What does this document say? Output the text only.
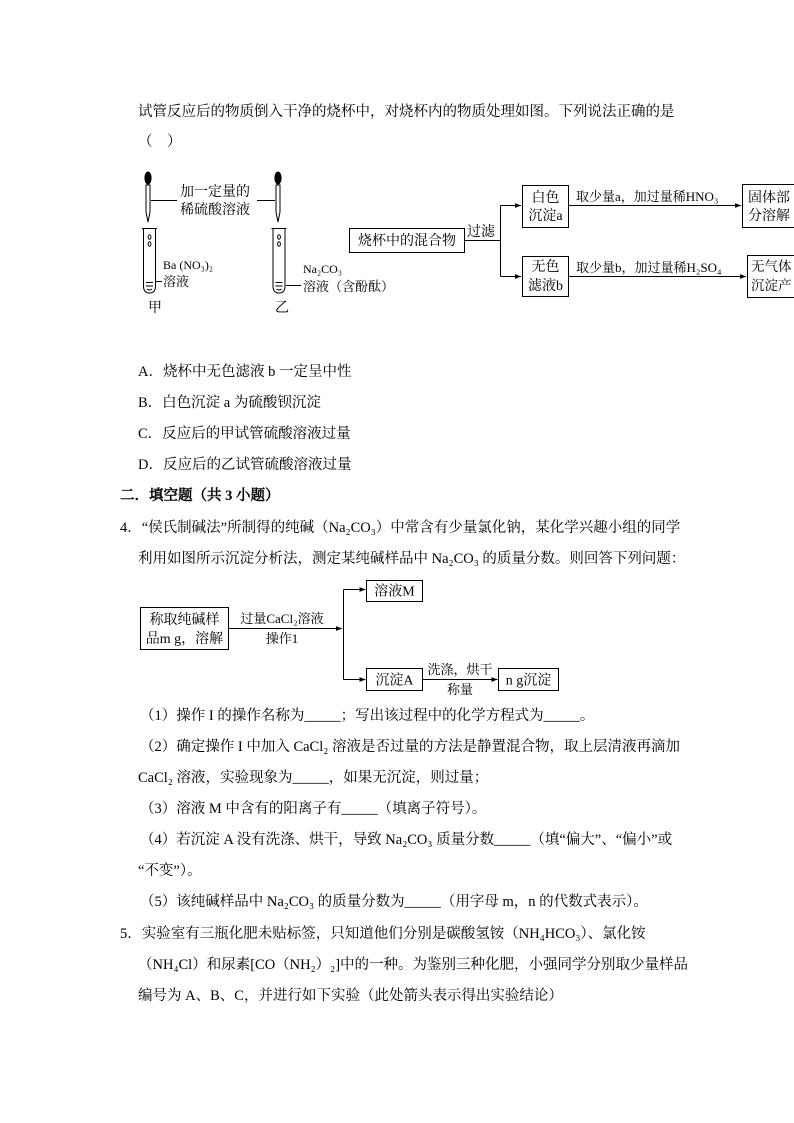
试管反应后的物质倒入干净的烧杯中，对烧杯内的物质处理如图。下列说法正确的是
（　）
加一定量的
稀硫酸溶液
Ba (NO₃)₂
溶液
甲
Na₂CO₃
溶液（含酚酞）
乙
烧杯中的混合物
过滤
白色
沉淀a
无色
滤液b
取少量a，加过量稀HNO₃
取少量b，加过量稀H₂SO₄
固体部
分溶解
无气体
沉淀产
A．烧杯中无色滤液 b 一定呈中性
B．白色沉淀 a 为硫酸钡沉淀
C．反应后的甲试管硫酸溶液过量
D．反应后的乙试管硫酸溶液过量
二．填空题（共 3 小题）
4．“侯氏制碱法”所制得的纯碱（Na₂CO₃）中常含有少量氯化钠，某化学兴趣小组的同学
利用如图所示沉淀分析法，测定某纯碱样品中 Na₂CO₃ 的质量分数。则回答下列问题：
称取纯碱样
品m g，溶解
过量CaCl₂溶液
操作1
溶液M
沉淀A
洗涤，烘干
称量
n g沉淀
（1）操作 I 的操作名称为_____；写出该过程中的化学方程式为_____。
（2）确定操作 I 中加入 CaCl₂ 溶液是否过量的方法是静置混合物，取上层清液再滴加
CaCl₂ 溶液，实验现象为_____，如果无沉淀，则过量；
（3）溶液 M 中含有的阳离子有_____（填离子符号）。
（4）若沉淀 A 没有洗涤、烘干，导致 Na₂CO₃ 质量分数_____（填“偏大”、“偏小”或
“不变”）。
（5）该纯碱样品中 Na₂CO₃ 的质量分数为_____（用字母 m，n 的代数式表示）。
5．实验室有三瓶化肥未贴标签，只知道他们分别是碳酸氢铵（NH₄HCO₃）、氯化铵
（NH₄Cl）和尿素[CO（NH₂）₂]中的一种。为鉴别三种化肥，小强同学分别取少量样品
编号为 A、B、C，并进行如下实验（此处箭头表示得出实验结论）
